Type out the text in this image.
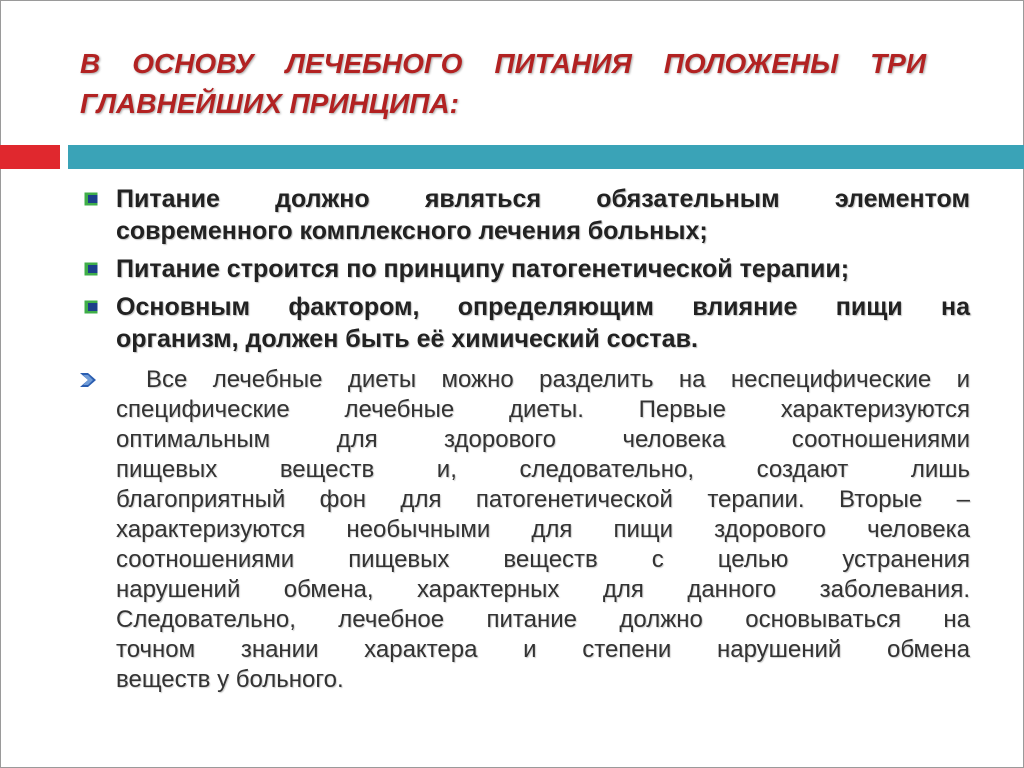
В ОСНОВУ ЛЕЧЕБНОГО ПИТАНИЯ ПОЛОЖЕНЫ ТРИ
ГЛАВНЕЙШИХ ПРИНЦИПА:
Питание должно являться обязательным элементом
современного комплексного лечения больных;
Питание строится по принципу патогенетической терапии;
Основным фактором, определяющим влияние пищи на
организм, должен быть её химический состав.
Все лечебные диеты можно разделить на неспецифические и
специфические лечебные диеты. Первые характеризуются
оптимальным для здорового человека соотношениями
пищевых веществ и, следовательно, создают лишь
благоприятный фон для патогенетической терапии. Вторые –
характеризуются необычными для пищи здорового человека
соотношениями пищевых веществ с целью устранения
нарушений обмена, характерных для данного заболевания.
Следовательно, лечебное питание должно основываться на
точном знании характера и степени нарушений обмена
веществ у больного.
